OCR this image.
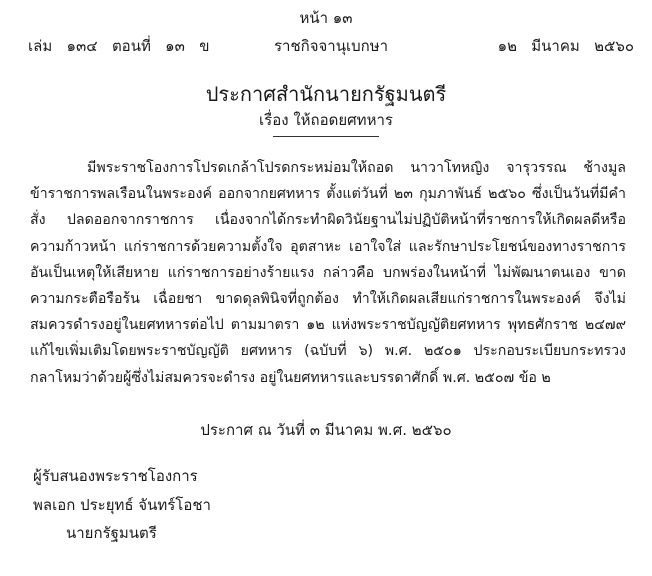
หน้า ๑๓
ราชกิจจานุเบกษา
เล่ม   ๑๓๔   ตอนที่   ๑๓   ข	๑๒   มีนาคม   ๒๕๖๐
ประกาศสำนักนายกรัฐมนตรี
เรื่อง ให้ถอดยศทหาร

มีพระราชโองการโปรดเกล้าโปรดกระหม่อมให้ถอด นาวาโทหญิง จารุวรรณ ช้างมูล ข้าราชการพลเรือนในพระองค์ ออกจากยศทหาร ตั้งแต่วันที่ ๒๓ กุมภาพันธ์ ๒๕๖๐ ซึ่งเป็นวันที่มีคำสั่ง ปลดออกจากราชการ เนื่องจากได้กระทำผิดวินัยฐานไม่ปฏิบัติหน้าที่ราชการให้เกิดผลดีหรือความก้าวหน้า แก่ราชการด้วยความตั้งใจ อุตสาหะ เอาใจใส่ และรักษาประโยชน์ของทางราชการ อันเป็นเหตุให้เสียหาย แก่ราชการอย่างร้ายแรง กล่าวคือ บกพร่องในหน้าที่ ไม่พัฒนาตนเอง ขาดความกระตือรือร้น เฉื่อยชา ขาดดุลพินิจที่ถูกต้อง ทำให้เกิดผลเสียแก่ราชการในพระองค์ จึงไม่สมควรดำรงอยู่ในยศทหารต่อไป ตามมาตรา ๑๒ แห่งพระราชบัญญัติยศทหาร พุทธศักราช ๒๔๗๙ แก้ไขเพิ่มเติมโดยพระราชบัญญัติ ยศทหาร (ฉบับที่ ๖) พ.ศ. ๒๕๐๑ ประกอบระเบียบกระทรวงกลาโหมว่าด้วยผู้ซึ่งไม่สมควรจะดำรง อยู่ในยศทหารและบรรดาศักดิ์ พ.ศ. ๒๕๐๗ ข้อ ๒

ประกาศ ณ วันที่ ๓ มีนาคม พ.ศ. ๒๕๖๐
ผู้รับสนองพระราชโองการ
พลเอก ประยุทธ์ จันทร์โอชา
นายกรัฐมนตรี
